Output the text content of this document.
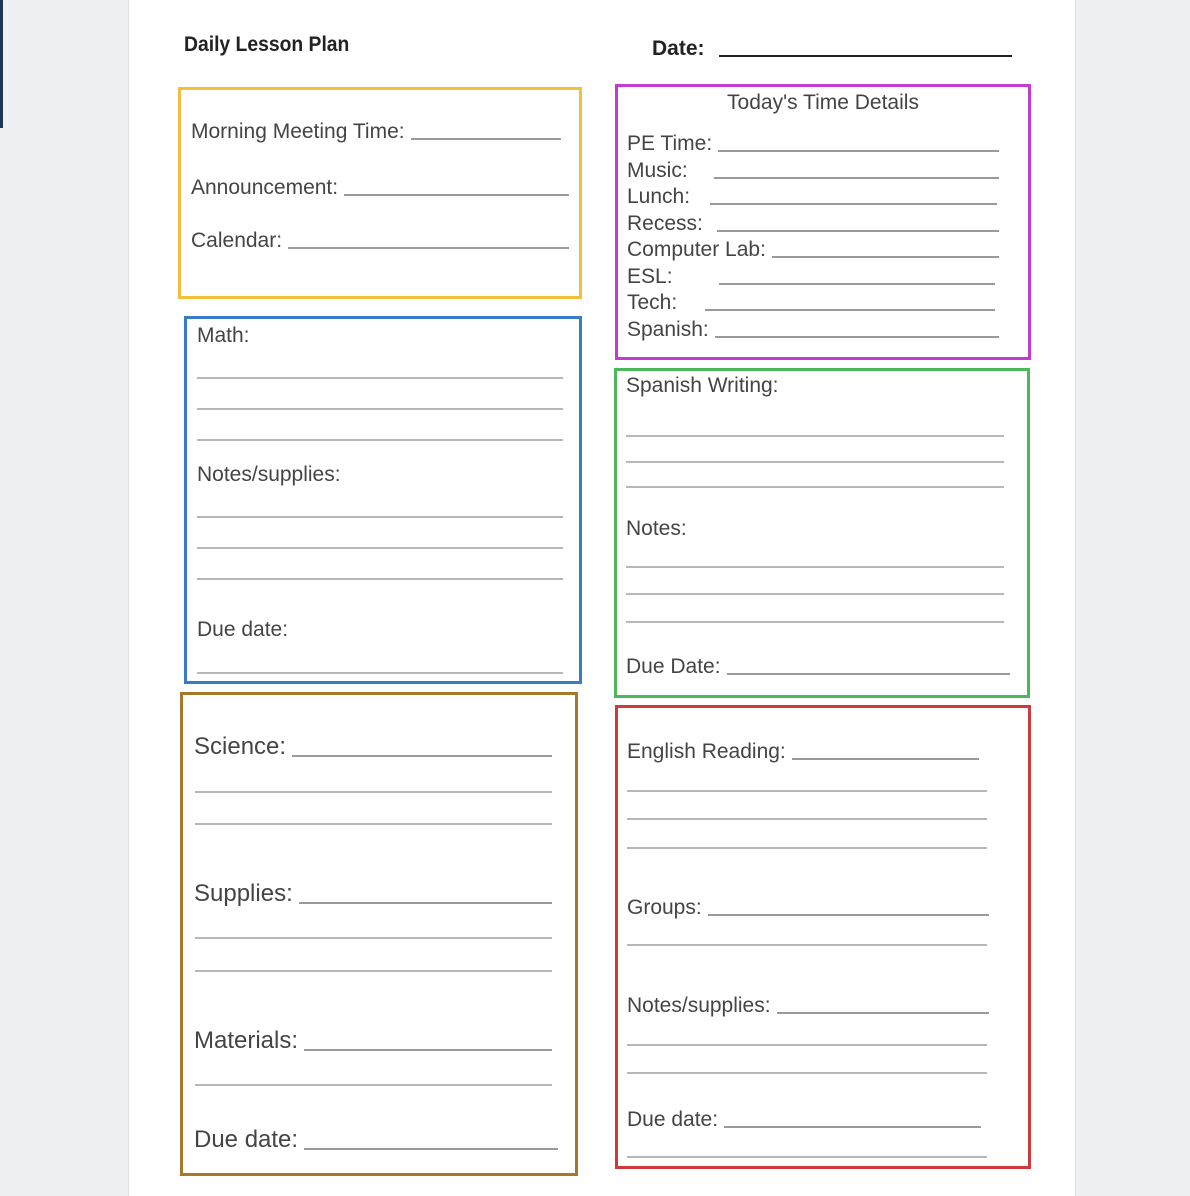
Daily Lesson Plan	Date:
Morning Meeting Time:
Announcement:
Calendar:
Math:
Notes/supplies:
Due date:
Science:
Supplies:
Materials:
Due date:
Today's Time Details
PE Time:
Music:
Lunch:
Recess:
Computer Lab:
ESL:
Tech:
Spanish:
Spanish Writing:
Notes:
Due Date:
English Reading:
Groups:
Notes/supplies:
Due date:
